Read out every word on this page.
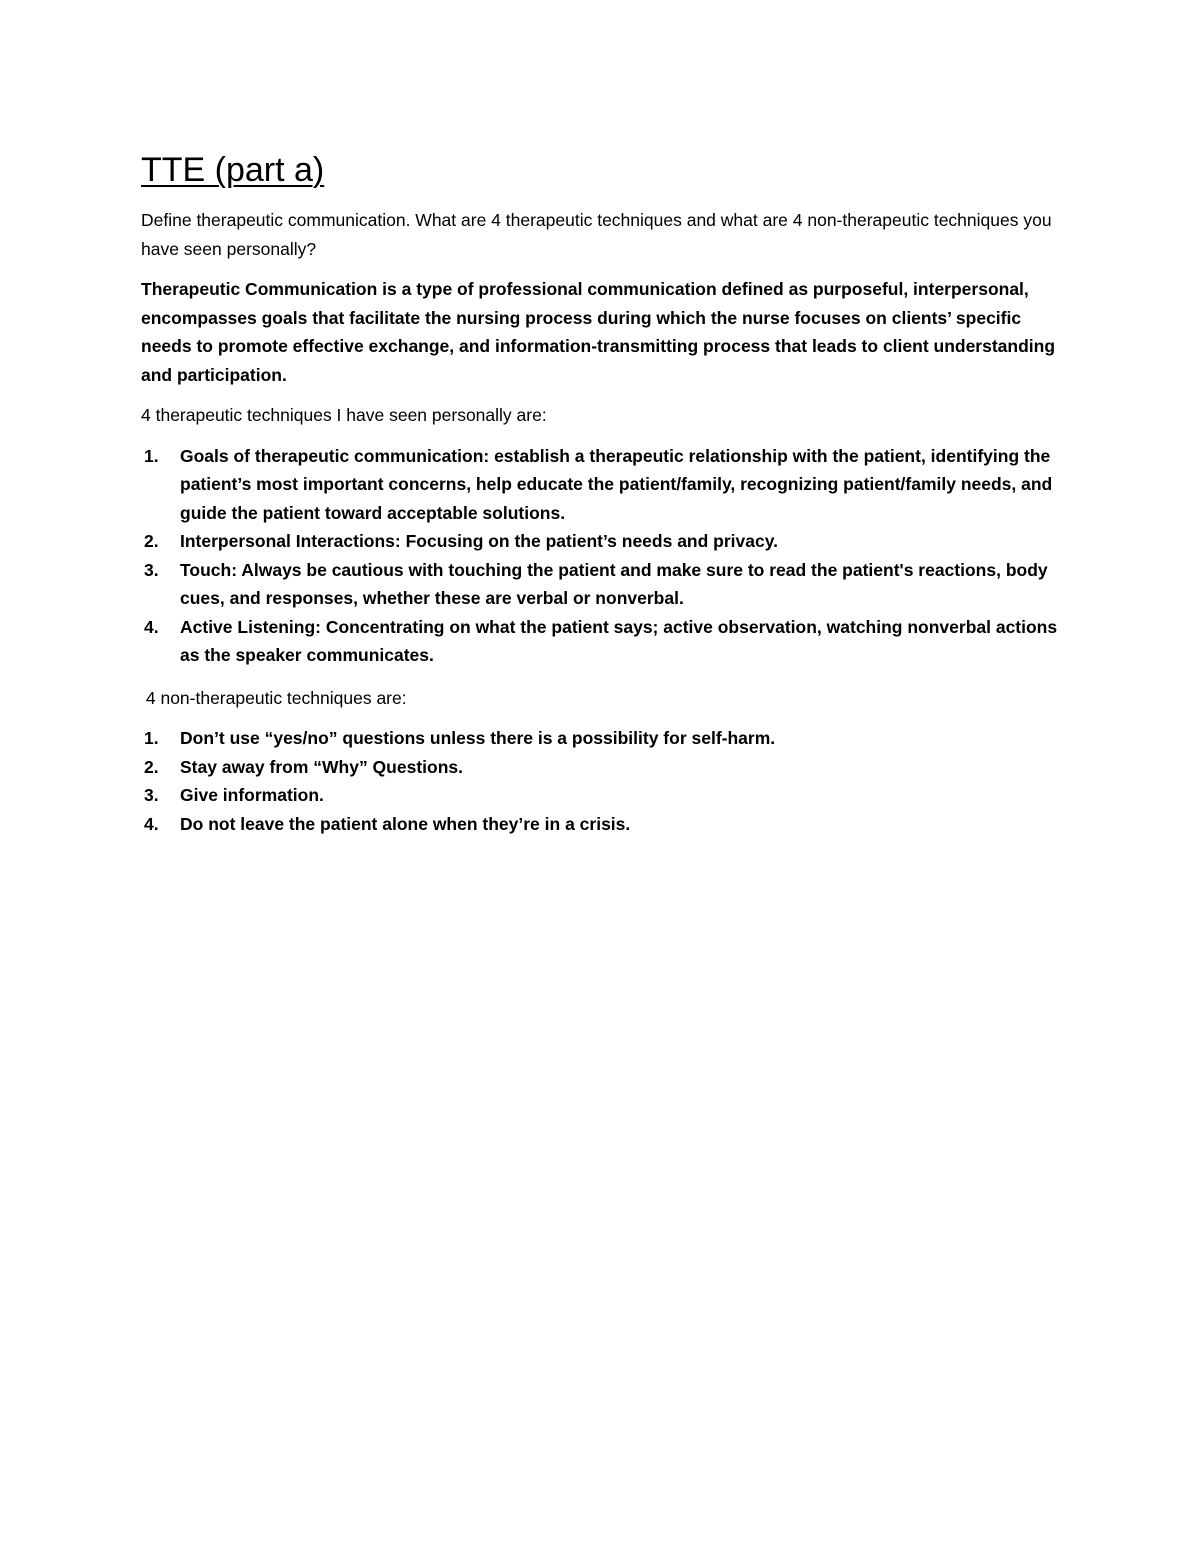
TTE (part a)

Define therapeutic communication. What are 4 therapeutic techniques and what are 4 non-therapeutic techniques you have seen personally?

Therapeutic Communication is a type of professional communication defined as purposeful, interpersonal, encompasses goals that facilitate the nursing process during which the nurse focuses on clients’ specific needs to promote effective exchange, and information-transmitting process that leads to client understanding and participation.

4 therapeutic techniques I have seen personally are:

1.	Goals of therapeutic communication: establish a therapeutic relationship with the patient, identifying the patient’s most important concerns, help educate the patient/family, recognizing patient/family needs, and guide the patient toward acceptable solutions.
2.	Interpersonal Interactions: Focusing on the patient’s needs and privacy.
3.	Touch: Always be cautious with touching the patient and make sure to read the patient's reactions, body cues, and responses, whether these are verbal or nonverbal.
4.	Active Listening: Concentrating on what the patient says; active observation, watching nonverbal actions as the speaker communicates.

4 non-therapeutic techniques are:

1.	Don’t use “yes/no” questions unless there is a possibility for self-harm.
2.	Stay away from “Why” Questions.
3.	Give information.
4.	Do not leave the patient alone when they’re in a crisis.
